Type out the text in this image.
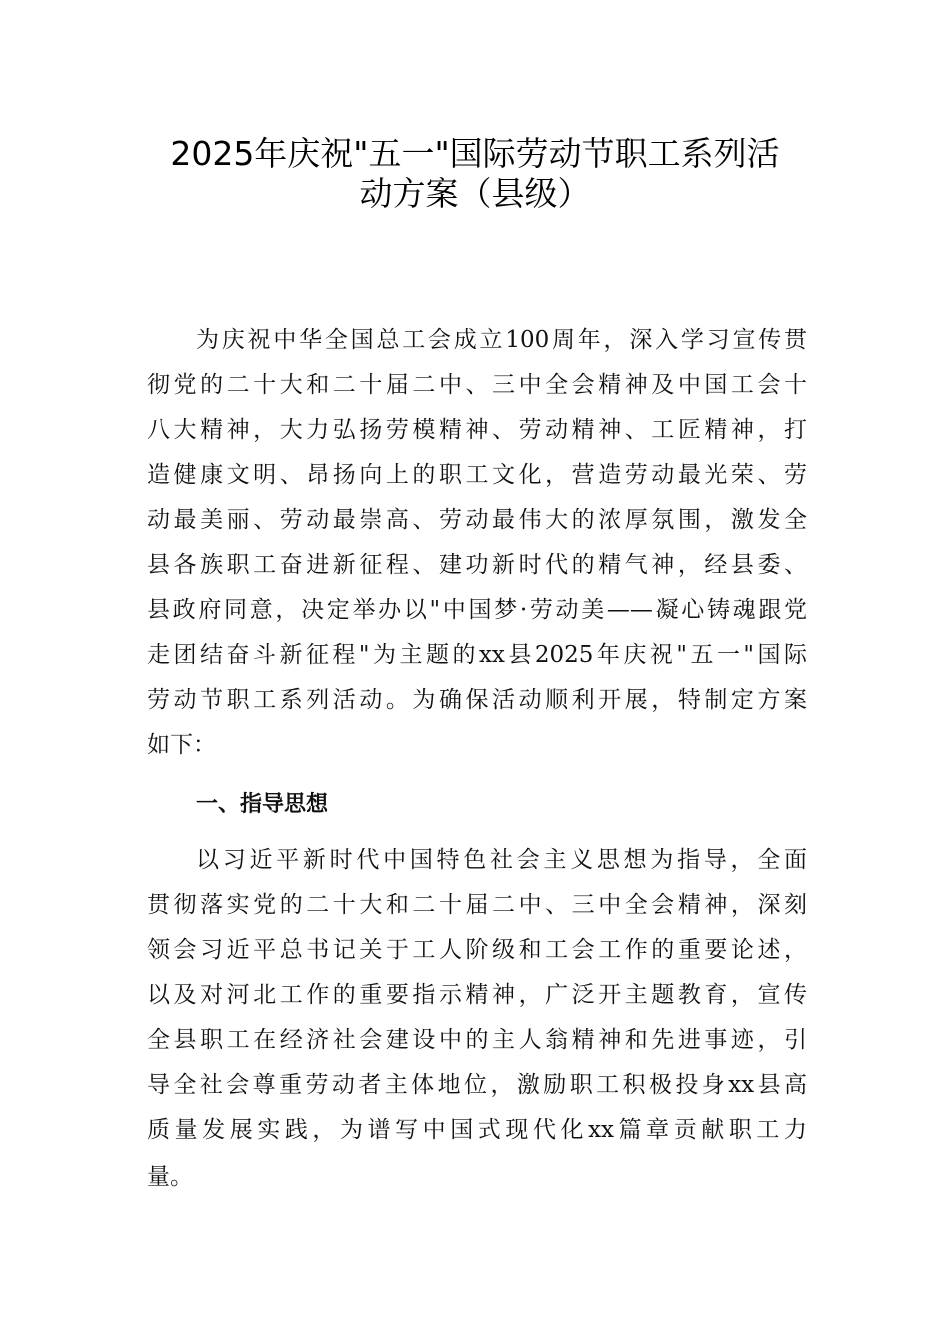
2025年庆祝"五一"国际劳动节职工系列活
动方案（县级）
为庆祝中华全国总工会成立100周年，深入学习宣传贯
彻党的二十大和二十届二中、三中全会精神及中国工会十
八大精神，大力弘扬劳模精神、劳动精神、工匠精神，打
造健康文明、昂扬向上的职工文化，营造劳动最光荣、劳
动最美丽、劳动最崇高、劳动最伟大的浓厚氛围，激发全
县各族职工奋进新征程、建功新时代的精气神，经县委、
县政府同意，决定举办以"中国梦·劳动美——凝心铸魂跟党
走团结奋斗新征程"为主题的xx县2025年庆祝"五一"国际
劳动节职工系列活动。为确保活动顺利开展，特制定方案
如下：
一、指导思想
以习近平新时代中国特色社会主义思想为指导，全面
贯彻落实党的二十大和二十届二中、三中全会精神，深刻
领会习近平总书记关于工人阶级和工会工作的重要论述，
以及对河北工作的重要指示精神，广泛开主题教育，宣传
全县职工在经济社会建设中的主人翁精神和先进事迹，引
导全社会尊重劳动者主体地位，激励职工积极投身xx县高
质量发展实践，为谱写中国式现代化xx篇章贡献职工力
量。
